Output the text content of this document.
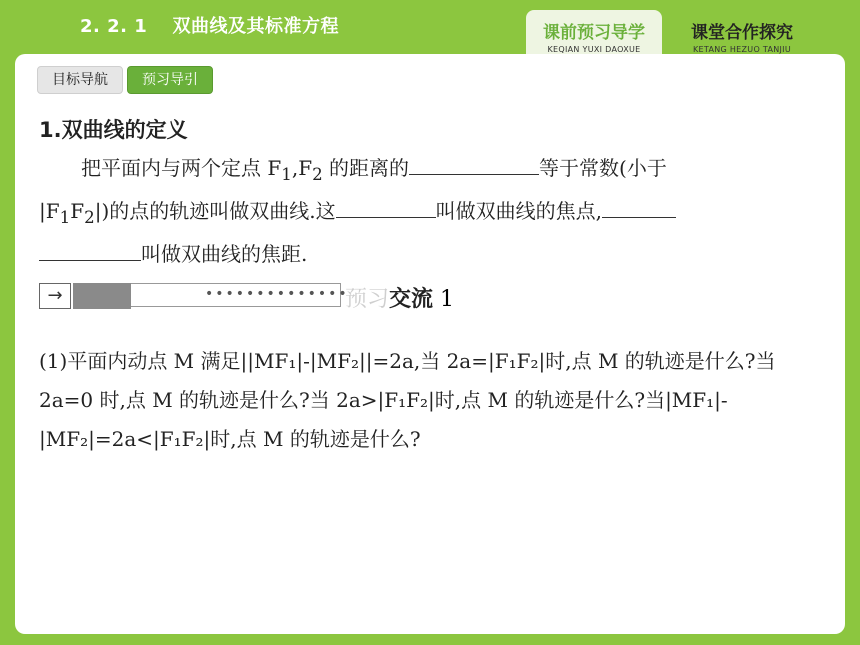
2. 2. 1　 双曲线及其标准方程	课前预习导学
KEQIAN YUXI DAOXUE
课堂合作探究
KETANG HEZUO TANJIU
目标导航	预习导引

1.双曲线的定义

把平面内与两个定点 $F_1,F_2$ 的距离的	等于常数(小于
$|F_1F_2|$)的点的轨迹叫做双曲线.这	叫做双曲线的焦点,
叫做双曲线的焦距.

→	••••••••••••••
预习交流 1

(1)平面内动点 M 满足||MF₁|-|MF₂||=2a,当 2a=|F₁F₂|时,点 M 的轨迹是什么?当 2a=0 时,点 M 的轨迹是什么?当 2a>|F₁F₂|时,点 M 的轨迹是什么?当|MF₁|-|MF₂|=2a<|F₁F₂|时,点 M 的轨迹是什么?
